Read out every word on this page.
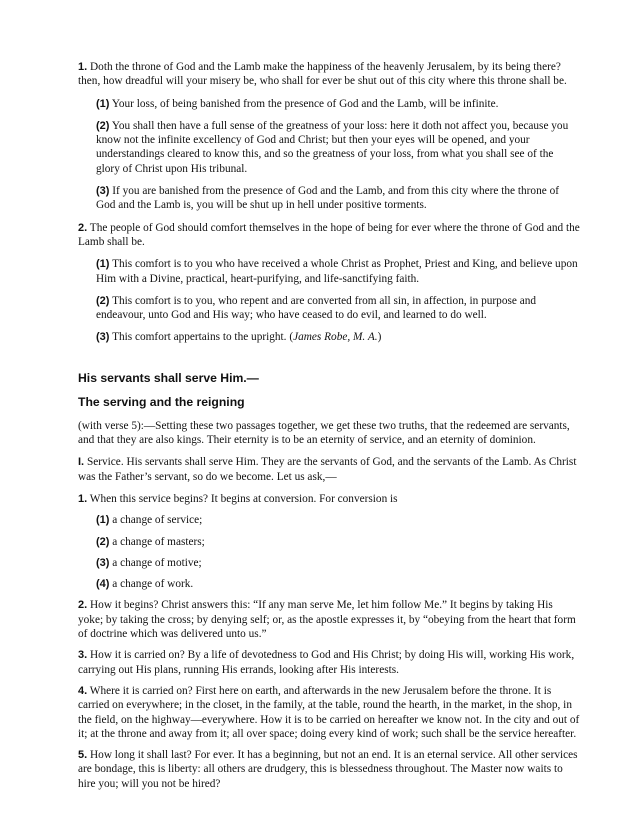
1. Doth the throne of God and the Lamb make the happiness of the heavenly Jerusalem, by its being there? then, how dreadful will your misery be, who shall for ever be shut out of this city where this throne shall be.

(1) Your loss, of being banished from the presence of God and the Lamb, will be infinite.

(2) You shall then have a full sense of the greatness of your loss: here it doth not affect you, because you know not the infinite excellency of God and Christ; but then your eyes will be opened, and your understandings cleared to know this, and so the greatness of your loss, from what you shall see of the glory of Christ upon His tribunal.

(3) If you are banished from the presence of God and the Lamb, and from this city where the throne of God and the Lamb is, you will be shut up in hell under positive torments.

2. The people of God should comfort themselves in the hope of being for ever where the throne of God and the Lamb shall be.

(1) This comfort is to you who have received a whole Christ as Prophet, Priest and King, and believe upon Him with a Divine, practical, heart-purifying, and life-sanctifying faith.

(2) This comfort is to you, who repent and are converted from all sin, in affection, in purpose and endeavour, unto God and His way; who have ceased to do evil, and learned to do well.

(3) This comfort appertains to the upright. (James Robe, M. A.)

His servants shall serve Him.—

The serving and the reigning

(with verse 5):—Setting these two passages together, we get these two truths, that the redeemed are servants, and that they are also kings. Their eternity is to be an eternity of service, and an eternity of dominion.

I. Service. His servants shall serve Him. They are the servants of God, and the servants of the Lamb. As Christ was the Father’s servant, so do we become. Let us ask,—

1. When this service begins? It begins at conversion. For conversion is

(1) a change of service;

(2) a change of masters;

(3) a change of motive;

(4) a change of work.

2. How it begins? Christ answers this: “If any man serve Me, let him follow Me.” It begins by taking His yoke; by taking the cross; by denying self; or, as the apostle expresses it, by “obeying from the heart that form of doctrine which was delivered unto us.”

3. How it is carried on? By a life of devotedness to God and His Christ; by doing His will, working His work, carrying out His plans, running His errands, looking after His interests.

4. Where it is carried on? First here on earth, and afterwards in the new Jerusalem before the throne. It is carried on everywhere; in the closet, in the family, at the table, round the hearth, in the market, in the shop, in the field, on the highway—everywhere. How it is to be carried on hereafter we know not. In the city and out of it; at the throne and away from it; all over space; doing every kind of work; such shall be the service hereafter.

5. How long it shall last? For ever. It has a beginning, but not an end. It is an eternal service. All other services are bondage, this is liberty: all others are drudgery, this is blessedness throughout. The Master now waits to hire you; will you not be hired?
